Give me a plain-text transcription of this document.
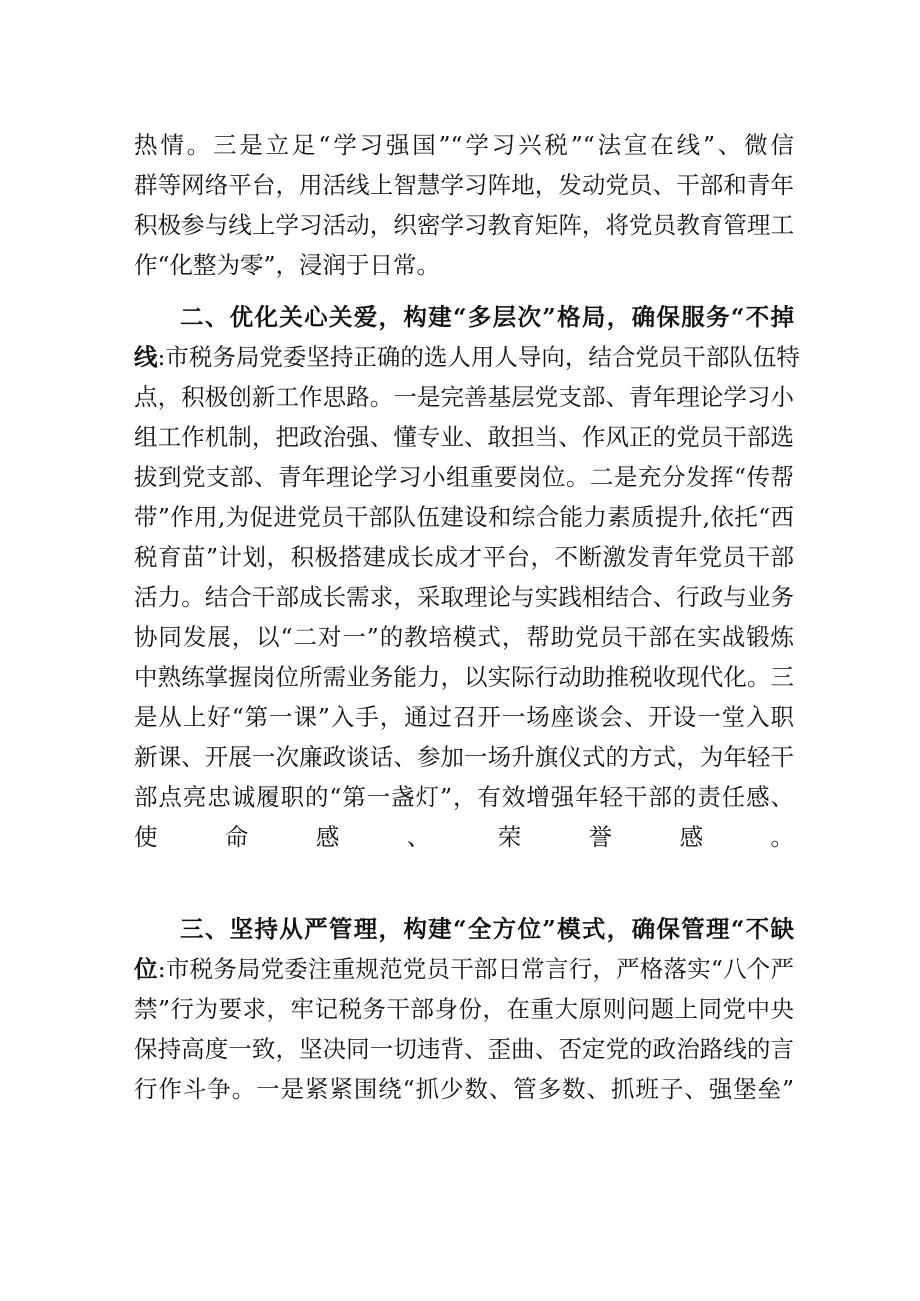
热情。三是立足“学习强国”“学习兴税”“法宣在线”、微信
群等网络平台，用活线上智慧学习阵地，发动党员、干部和青年
积极参与线上学习活动，织密学习教育矩阵，将党员教育管理工
作“化整为零”，浸润于日常。
二、优化关心关爱，构建“多层次”格局，确保服务“不掉
线:市税务局党委坚持正确的选人用人导向，结合党员干部队伍特
点，积极创新工作思路。一是完善基层党支部、青年理论学习小
组工作机制，把政治强、懂专业、敢担当、作风正的党员干部选
拔到党支部、青年理论学习小组重要岗位。二是充分发挥“传帮
带”作用,为促进党员干部队伍建设和综合能力素质提升,依托“西
税育苗”计划，积极搭建成长成才平台，不断激发青年党员干部
活力。结合干部成长需求，采取理论与实践相结合、行政与业务
协同发展，以“二对一”的教培模式，帮助党员干部在实战锻炼
中熟练掌握岗位所需业务能力，以实际行动助推税收现代化。三
是从上好“第一课”入手，通过召开一场座谈会、开设一堂入职
新课、开展一次廉政谈话、参加一场升旗仪式的方式，为年轻干
部点亮忠诚履职的“第一盏灯”，有效增强年轻干部的责任感、
使命感、荣誉感。
三、坚持从严管理，构建“全方位”模式，确保管理“不缺
位:市税务局党委注重规范党员干部日常言行，严格落实“八个严
禁”行为要求，牢记税务干部身份，在重大原则问题上同党中央
保持高度一致，坚决同一切违背、歪曲、否定党的政治路线的言
行作斗争。一是紧紧围绕“抓少数、管多数、抓班子、强堡垒”
